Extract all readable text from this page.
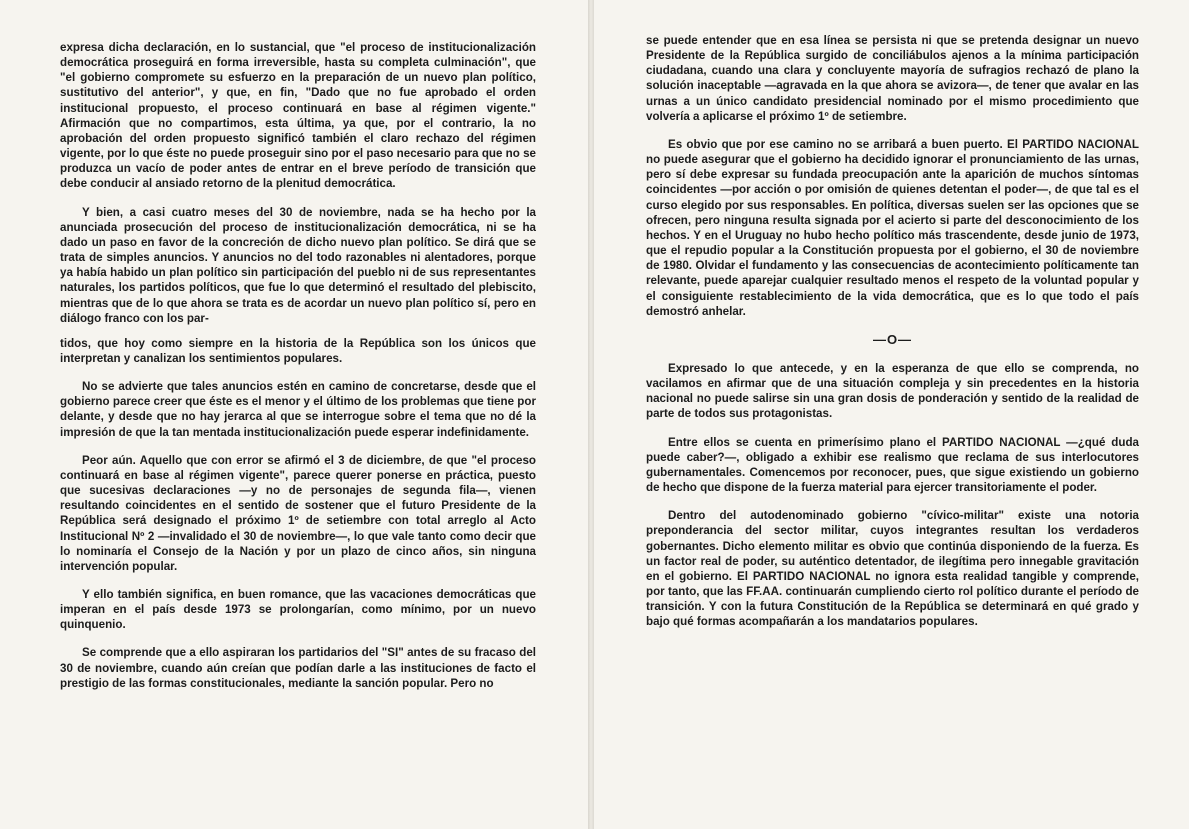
expresa dicha declaración, en lo sustancial, que "el proceso de institucionalización democrática proseguirá en forma irreversible, hasta su completa culminación", que "el gobierno compromete su esfuerzo en la preparación de un nuevo plan político, sustitutivo del anterior", y que, en fin, "Dado que no fue aprobado el orden institucional propuesto, el proceso continuará en base al régimen vigente." Afirmación que no compartimos, esta última, ya que, por el contrario, la no aprobación del orden propuesto significó también el claro rechazo del régimen vigente, por lo que éste no puede proseguir sino por el paso necesario para que no se produzca un vacío de poder antes de entrar en el breve período de transición que debe conducir al ansiado retorno de la plenitud democrática.

Y bien, a casi cuatro meses del 30 de noviembre, nada se ha hecho por la anunciada prosecución del proceso de institucionalización democrática, ni se ha dado un paso en favor de la concreción de dicho nuevo plan político. Se dirá que se trata de simples anuncios. Y anuncios no del todo razonables ni alentadores, porque ya había habido un plan político sin participación del pueblo ni de sus representantes naturales, los partidos políticos, que fue lo que determinó el resultado del plebiscito, mientras que de lo que ahora se trata es de acordar un nuevo plan político sí, pero en diálogo franco con los par-

tidos, que hoy como siempre en la historia de la República son los únicos que interpretan y canalizan los sentimientos populares.

No se advierte que tales anuncios estén en camino de concretarse, desde que el gobierno parece creer que éste es el menor y el último de los problemas que tiene por delante, y desde que no hay jerarca al que se interrogue sobre el tema que no dé la impresión de que la tan mentada institucionalización puede esperar indefinidamente.

Peor aún. Aquello que con error se afirmó el 3 de diciembre, de que "el proceso continuará en base al régimen vigente", parece querer ponerse en práctica, puesto que sucesivas declaraciones —y no de personajes de segunda fila—, vienen resultando coincidentes en el sentido de sostener que el futuro Presidente de la República será designado el próximo 1º de setiembre con total arreglo al Acto Institucional Nº 2 —invalidado el 30 de noviembre—, lo que vale tanto como decir que lo nominaría el Consejo de la Nación y por un plazo de cinco años, sin ninguna intervención popular.

Y ello también significa, en buen romance, que las vacaciones democráticas que imperan en el país desde 1973 se prolongarían, como mínimo, por un nuevo quinquenio.

Se comprende que a ello aspiraran los partidarios del "SI" antes de su fracaso del 30 de noviembre, cuando aún creían que podían darle a las instituciones de facto el prestigio de las formas constitucionales, mediante la sanción popular. Pero no

se puede entender que en esa línea se persista ni que se pretenda designar un nuevo Presidente de la República surgido de conciliábulos ajenos a la mínima participación ciudadana, cuando una clara y concluyente mayoría de sufragios rechazó de plano la solución inaceptable —agravada en la que ahora se avizora—, de tener que avalar en las urnas a un único candidato presidencial nominado por el mismo procedimiento que volvería a aplicarse el próximo 1º de setiembre.

Es obvio que por ese camino no se arribará a buen puerto. El PARTIDO NACIONAL no puede asegurar que el gobierno ha decidido ignorar el pronunciamiento de las urnas, pero sí debe expresar su fundada preocupación ante la aparición de muchos síntomas coincidentes —por acción o por omisión de quienes detentan el poder—, de que tal es el curso elegido por sus responsables. En política, diversas suelen ser las opciones que se ofrecen, pero ninguna resulta signada por el acierto si parte del desconocimiento de los hechos. Y en el Uruguay no hubo hecho político más trascendente, desde junio de 1973, que el repudio popular a la Constitución propuesta por el gobierno, el 30 de noviembre de 1980. Olvidar el fundamento y las consecuencias de acontecimiento políticamente tan relevante, puede aparejar cualquier resultado menos el respeto de la voluntad popular y el consiguiente restablecimiento de la vida democrática, que es lo que todo el país demostró anhelar.

—O—

Expresado lo que antecede, y en la esperanza de que ello se comprenda, no vacilamos en afirmar que de una situación compleja y sin precedentes en la historia nacional no puede salirse sin una gran dosis de ponderación y sentido de la realidad de parte de todos sus protagonistas.

Entre ellos se cuenta en primerísimo plano el PARTIDO NACIONAL —¿qué duda puede caber?—, obligado a exhibir ese realismo que reclama de sus interlocutores gubernamentales. Comencemos por reconocer, pues, que sigue existiendo un gobierno de hecho que dispone de la fuerza material para ejercer transitoriamente el poder.

Dentro del autodenominado gobierno "cívico-militar" existe una notoria preponderancia del sector militar, cuyos integrantes resultan los verdaderos gobernantes. Dicho elemento militar es obvio que continúa disponiendo de la fuerza. Es un factor real de poder, su auténtico detentador, de ilegítima pero innegable gravitación en el gobierno. El PARTIDO NACIONAL no ignora esta realidad tangible y comprende, por tanto, que las FF.AA. continuarán cumpliendo cierto rol político durante el período de transición. Y con la futura Constitución de la República se determinará en qué grado y bajo qué formas acompañarán a los mandatarios populares.
